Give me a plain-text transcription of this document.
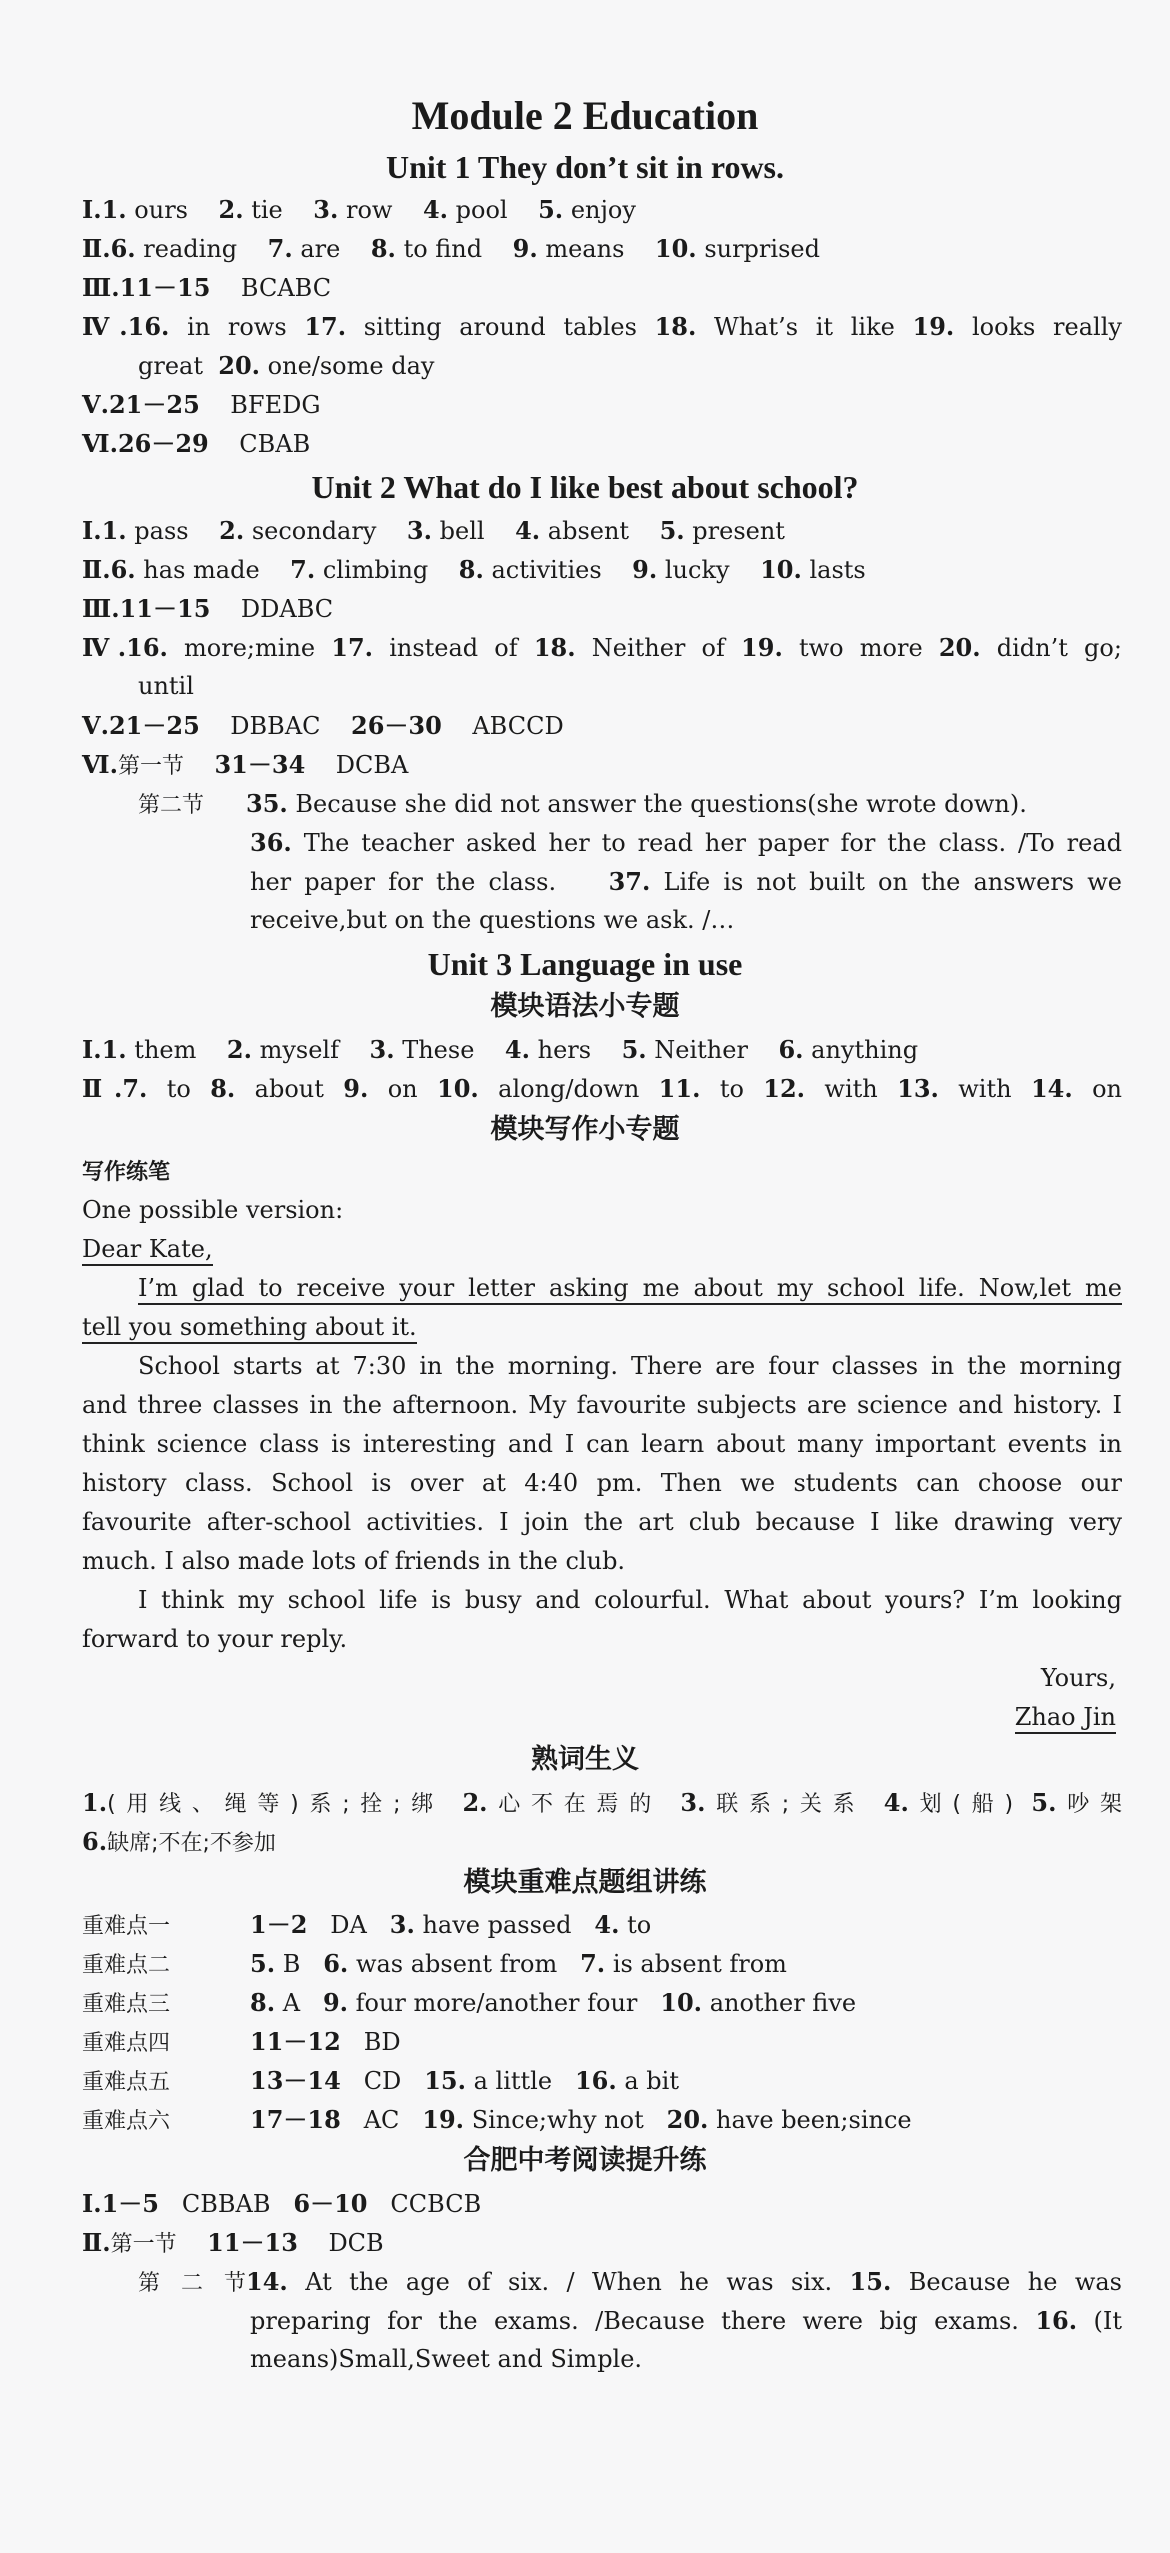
Module 2 Education
Unit 1 They don’t sit in rows.
Ⅰ.1. ours 2. tie 3. row 4. pool 5. enjoy
Ⅱ.6. reading 7. are 8. to find 9. means 10. surprised
Ⅲ.11－15 BCABC
Ⅳ.16. in rows 17. sitting around tables 18. What’s it like 19. looks really
great 20. one/some day
Ⅴ.21－25 BFEDG
Ⅵ.26－29 CBAB
Unit 2 What do I like best about school?
Ⅰ.1. pass 2. secondary 3. bell 4. absent 5. present
Ⅱ.6. has made 7. climbing 8. activities 9. lucky 10. lasts
Ⅲ.11－15 DDABC
Ⅳ.16. more;mine 17. instead of 18. Neither of 19. two more 20. didn’t go;
until
Ⅴ.21－25 DBBAC 26－30 ABCCD
Ⅵ.第一节 31－34 DCBA
第二节 35. Because she did not answer the questions(she wrote down).
36. The teacher asked her to read her paper for the class. /To read
her paper for the class. 37. Life is not built on the answers we
receive,but on the questions we ask. /…
Unit 3 Language in use
模块语法小专题
Ⅰ.1. them 2. myself 3. These 4. hers 5. Neither 6. anything
Ⅱ.7. to 8. about 9. on 10. along/down 11. to 12. with 13. with 14. on
模块写作小专题
写作练笔
One possible version:
Dear Kate,
I’m glad to receive your letter asking me about my school life. Now,let me
tell you something about it.
School starts at 7:30 in the morning. There are four classes in the morning
and three classes in the afternoon. My favourite subjects are science and history. I
think science class is interesting and I can learn about many important events in
history class. School is over at 4:40 pm. Then we students can choose our
favourite after-school activities. I join the art club because I like drawing very
much. I also made lots of friends in the club.
I think my school life is busy and colourful. What about yours? I’m looking
forward to your reply.
Yours,
Zhao Jin
熟词生义
1.(用线、绳等)系;拴;绑 2.心不在焉的 3.联系;关系 4.划(船) 5.吵架
6.缺席;不在;不参加
模块重难点题组讲练
重难点一	1－2 DA 3. have passed 4. to
重难点二	5. B 6. was absent from 7. is absent from
重难点三	8. A 9. four more/another four 10. another five
重难点四	11－12 BD
重难点五	13－14 CD 15. a little 16. a bit
重难点六	17－18 AC 19. Since;why not 20. have been;since
合肥中考阅读提升练
Ⅰ.1－5 CBBAB 6－10 CCBCB
Ⅱ.第一节 11－13 DCB
第二节14. At the age of six. / When he was six. 15. Because he was
preparing for the exams. /Because there were big exams. 16. (It
means)Small,Sweet and Simple.
